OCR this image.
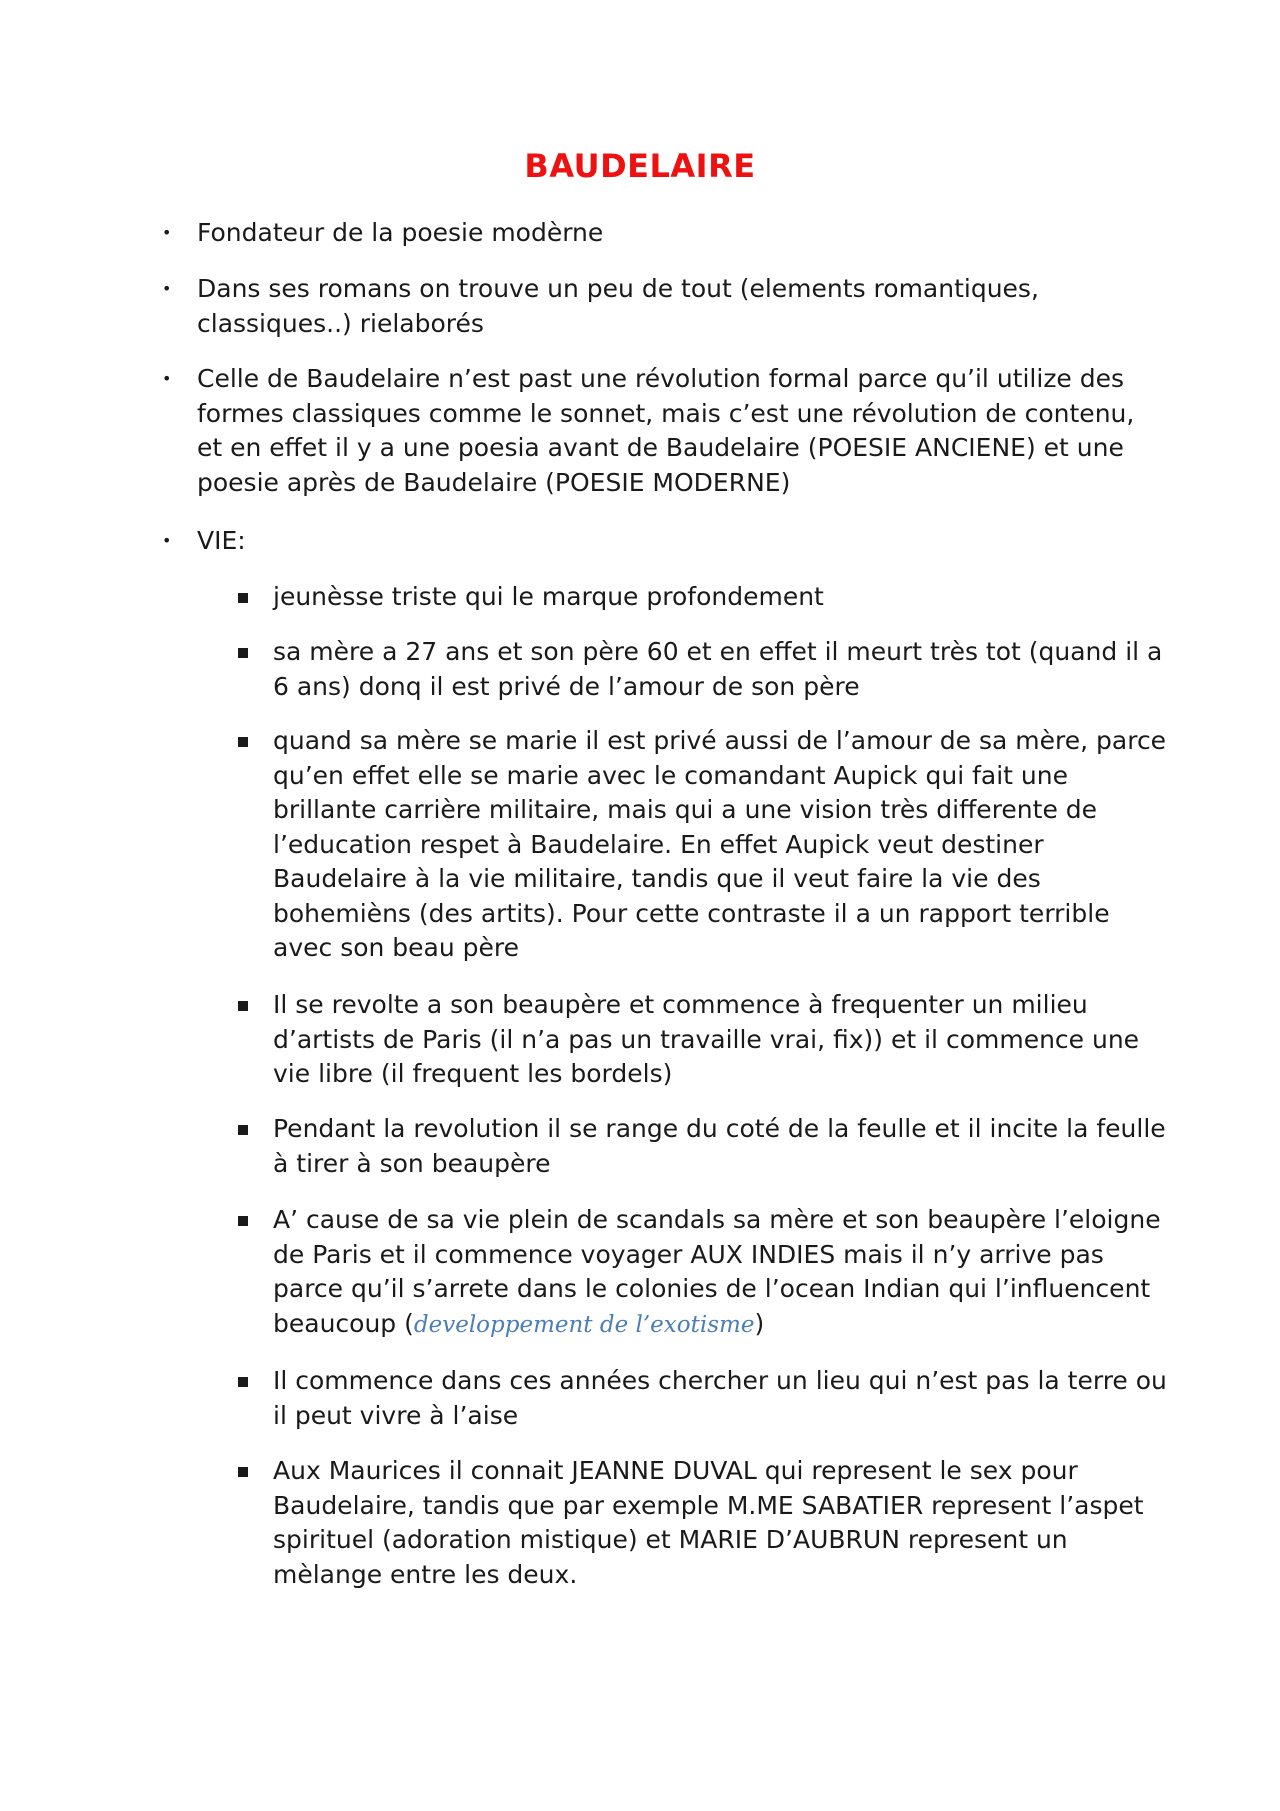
BAUDELAIRE
• Fondateur de la poesie modèrne
• Dans ses romans on trouve un peu de tout (elements romantiques, classiques..) rielaborés
• Celle de Baudelaire n’est past une révolution formal parce qu’il utilize des formes classiques comme le sonnet, mais c’est une révolution de contenu, et en effet il y a une poesia avant de Baudelaire (POESIE ANCIENE) et une poesie après de Baudelaire (POESIE MODERNE)
• VIE:
jeunèsse triste qui le marque profondement
sa mère a 27 ans et son père 60 et en effet il meurt très tot (quand il a 6 ans) donq il est privé de l’amour de son père
quand sa mère se marie il est privé aussi de l’amour de sa mère, parce qu’en effet elle se marie avec le comandant Aupick qui fait une brillante carrière militaire, mais qui a une vision très differente de l’education respet à Baudelaire. En effet Aupick veut destiner Baudelaire à la vie militaire, tandis que il veut faire la vie des bohemièns (des artits). Pour cette contraste il a un rapport terrible avec son beau père
Il se revolte a son beaupère et commence à frequenter un milieu d’artists de Paris (il n’a pas un travaille vrai, fix)) et il commence une vie libre (il frequent les bordels)
Pendant la revolution il se range du coté de la feulle et il incite la feulle à tirer à son beaupère
A’ cause de sa vie plein de scandals sa mère et son beaupère l’eloigne de Paris et il commence voyager AUX INDIES mais il n’y arrive pas parce qu’il s’arrete dans le colonies de l’ocean Indian qui l’influencent beaucoup (developpement de l’exotisme)
Il commence dans ces années chercher un lieu qui n’est pas la terre ou il peut vivre à l’aise
Aux Maurices il connait JEANNE DUVAL qui represent le sex pour Baudelaire, tandis que par exemple M.ME SABATIER represent l’aspet spirituel (adoration mistique) et MARIE D’AUBRUN represent un mèlange entre les deux.
